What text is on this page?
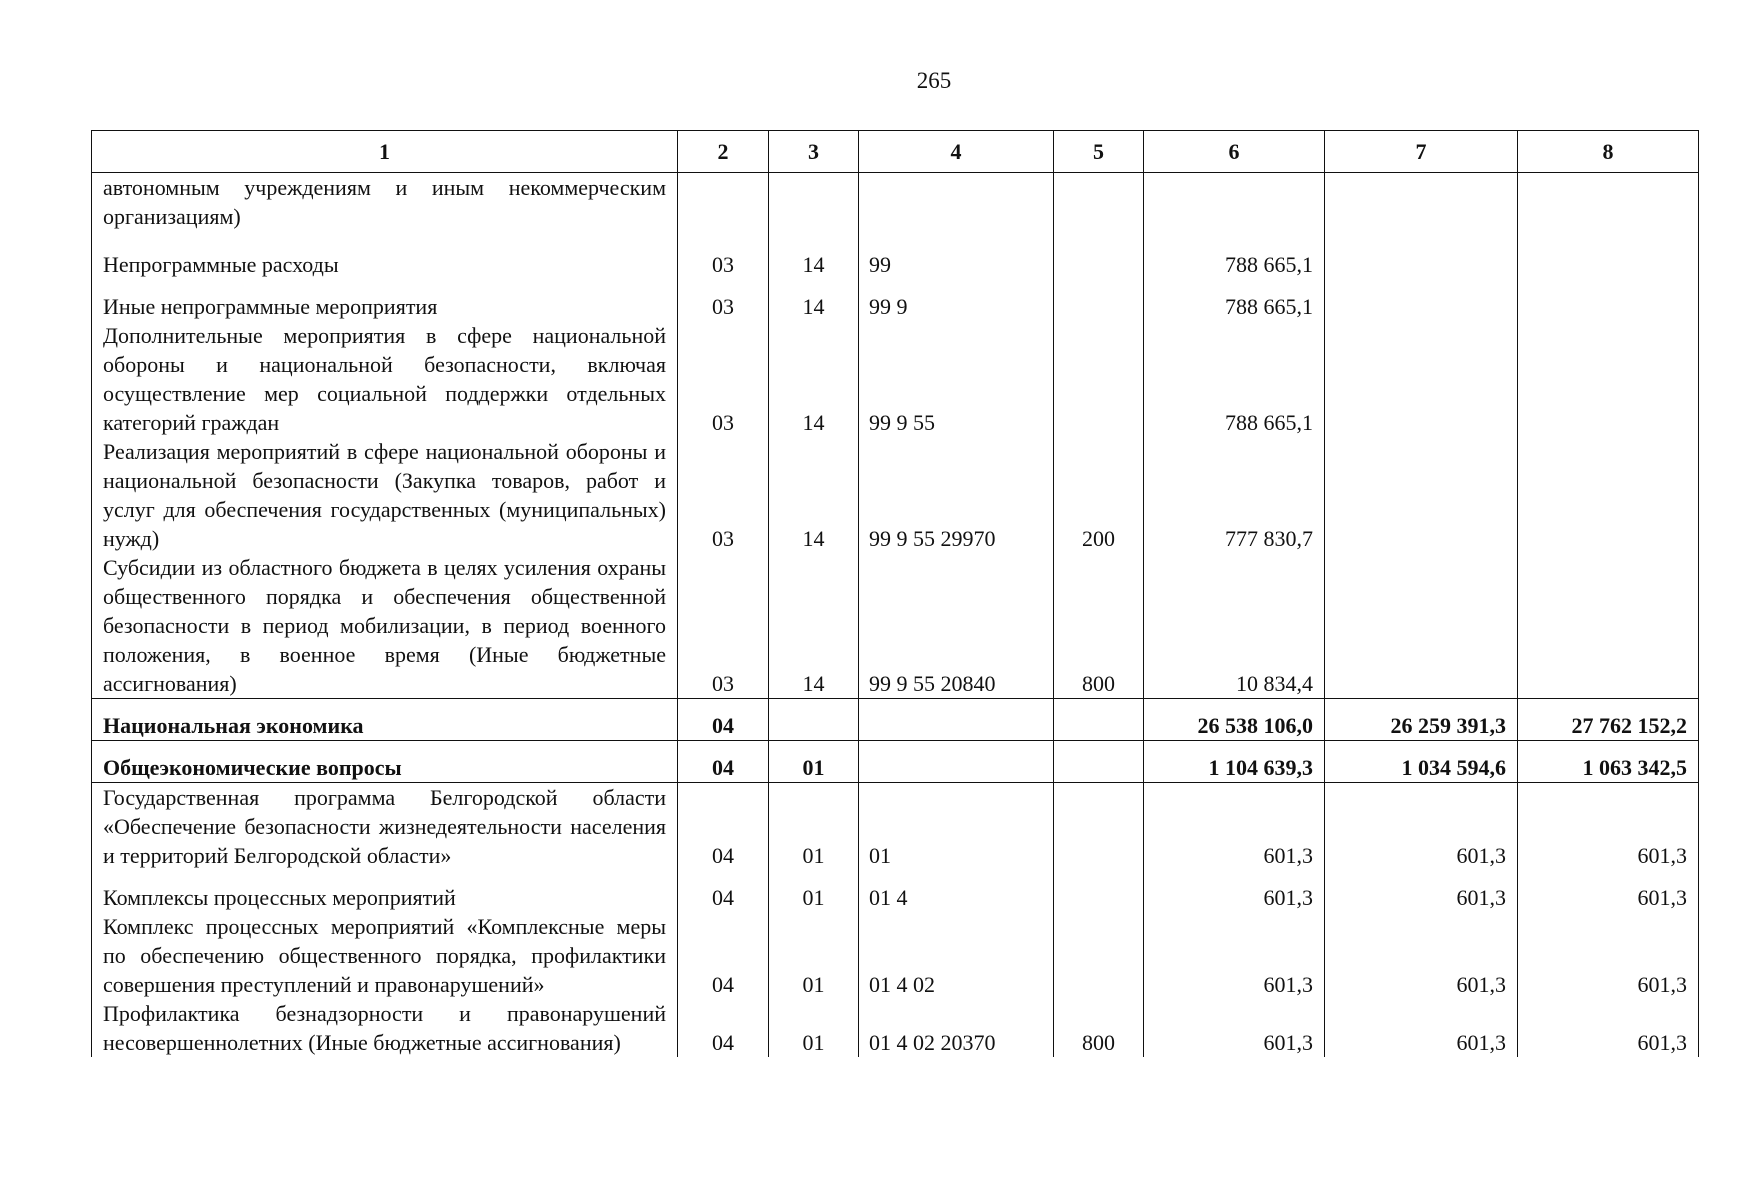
265
1	2	3	4	5	6	7	8
автономным учреждениям и иным некоммерческим организациям)							
Непрограммные расходы	03	14	99		788 665,1		
Иные непрограммные мероприятия	03	14	99 9		788 665,1		
Дополнительные мероприятия в сфере национальной обороны и национальной безопасности, включая осуществление мер социальной поддержки отдельных категорий граждан	03	14	99 9 55		788 665,1		
Реализация мероприятий в сфере национальной обороны и национальной безопасности (Закупка товаров, работ и услуг для обеспечения государственных (муниципальных) нужд)	03	14	99 9 55 29970	200	777 830,7		
Субсидии из областного бюджета в целях усиления охраны общественного порядка и обеспечения общественной безопасности в период мобилизации, в период военного положения, в военное время (Иные бюджетные ассигнования)	03	14	99 9 55 20840	800	10 834,4		
Национальная экономика	04				26 538 106,0	26 259 391,3	27 762 152,2
Общеэкономические вопросы	04	01			1 104 639,3	1 034 594,6	1 063 342,5
Государственная программа Белгородской области «Обеспечение безопасности жизнедеятельности населения и территорий Белгородской области»	04	01	01		601,3	601,3	601,3
Комплексы процессных мероприятий	04	01	01 4		601,3	601,3	601,3
Комплекс процессных мероприятий «Комплексные меры по обеспечению общественного порядка, профилактики совершения преступлений и правонарушений»	04	01	01 4 02		601,3	601,3	601,3
Профилактика безнадзорности и правонарушений несовершеннолетних (Иные бюджетные ассигнования)	04	01	01 4 02 20370	800	601,3	601,3	601,3
